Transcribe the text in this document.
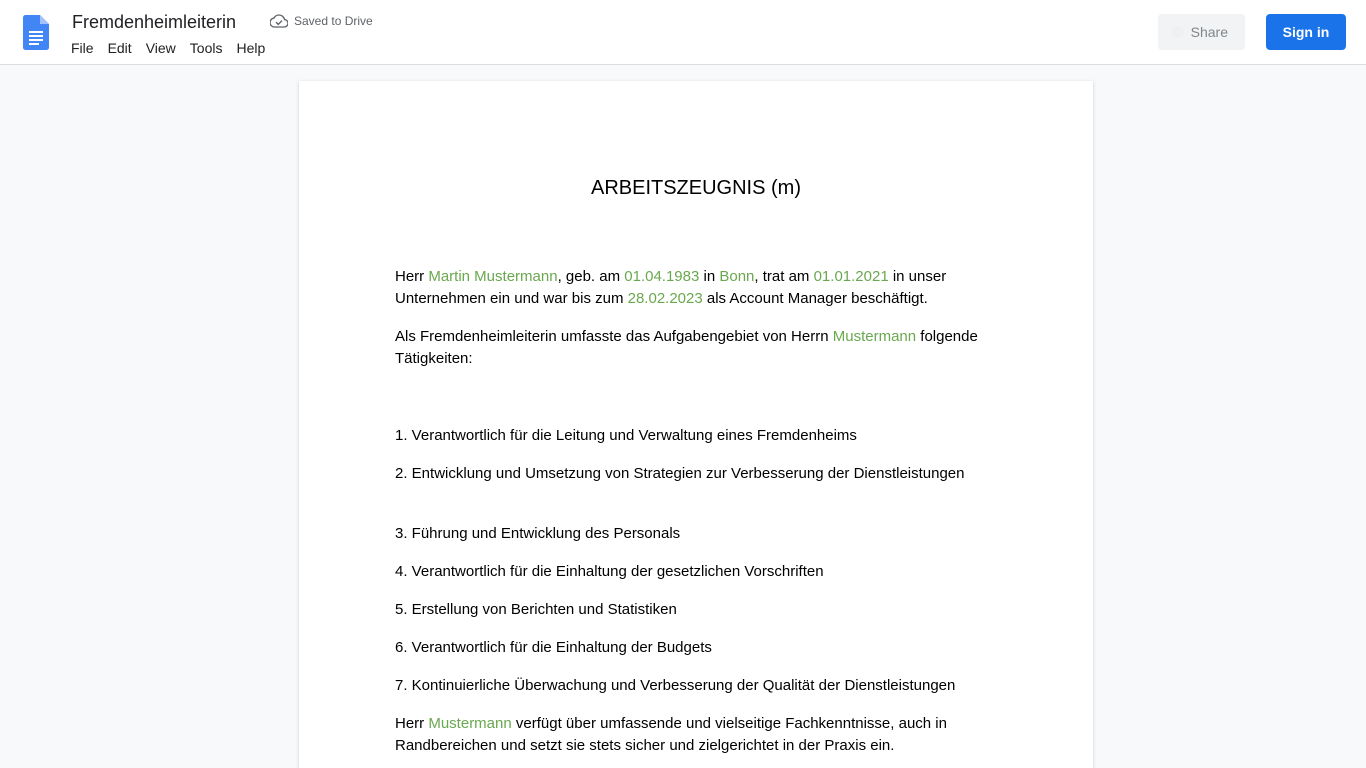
Fremdenheimleiterin	Saved to Drive
File	Edit	View	Tools	Help
Share	Sign in
ARBEITSZEUGNIS (m)

Herr Martin Mustermann, geb. am 01.04.1983 in Bonn, trat am 01.01.2021 in unser Unternehmen ein und war bis zum 28.02.2023 als Account Manager beschäftigt.

Als Fremdenheimleiterin umfasste das Aufgabengebiet von Herrn Mustermann folgende Tätigkeiten:

1. Verantwortlich für die Leitung und Verwaltung eines Fremdenheims

2. Entwicklung und Umsetzung von Strategien zur Verbesserung der Dienstleistungen

3. Führung und Entwicklung des Personals

4. Verantwortlich für die Einhaltung der gesetzlichen Vorschriften

5. Erstellung von Berichten und Statistiken

6. Verantwortlich für die Einhaltung der Budgets

7. Kontinuierliche Überwachung und Verbesserung der Qualität der Dienstleistungen

Herr Mustermann verfügt über umfassende und vielseitige Fachkenntnisse, auch in Randbereichen und setzt sie stets sicher und zielgerichtet in der Praxis ein.
